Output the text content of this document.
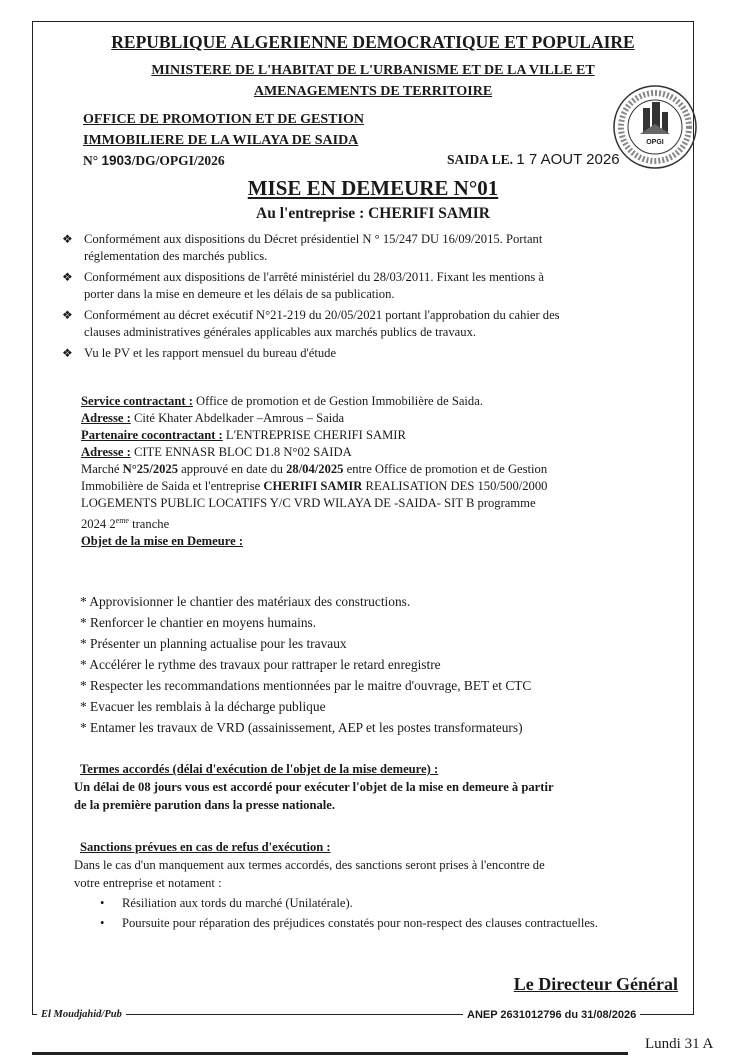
REPUBLIQUE ALGERIENNE DEMOCRATIQUE ET POPULAIRE
MINISTERE DE L'HABITAT DE L'URBANISME ET DE LA VILLE ET
AMENAGEMENTS DE TERRITOIRE
OFFICE DE PROMOTION ET DE GESTION
IMMOBILIERE DE LA WILAYA DE SAIDA
N° 1903/DG/OPGI/2026	SAIDA LE. 1 7 AOUT 2026
OPGI
MISE EN DEMEURE N°01
Au l'entreprise : CHERIFI SAMIR
❖ Conformément aux dispositions du Décret présidentiel N ° 15/247 DU 16/09/2015. Portant
réglementation des marchés publics.
❖ Conformément aux dispositions de l'arrêté ministériel du 28/03/2011. Fixant les mentions à
porter dans la mise en demeure et les délais de sa publication.
❖ Conformément au décret exécutif N°21-219 du 20/05/2021 portant l'approbation du cahier des
clauses administratives générales applicables aux marchés publics de travaux.
❖ Vu le PV et les rapport mensuel du bureau d'étude

Service contractant : Office de promotion et de Gestion Immobilière de Saida.

Adresse : Cité Khater Abdelkader –Amrous – Saida

Partenaire cocontractant : L'ENTREPRISE CHERIFI SAMIR

Adresse : CITE ENNASR BLOC D1.8 N°02 SAIDA

Marché N°25/2025 approuvé en date du 28/04/2025 entre Office de promotion et de Gestion

Immobilière de Saida et l'entreprise CHERIFI SAMIR REALISATION DES 150/500/2000

LOGEMENTS PUBLIC LOCATIFS Y/C VRD WILAYA DE -SAIDA- SIT B programme

2024 2eme tranche

Objet de la mise en Demeure :

* Approvisionner le chantier des matériaux des constructions.
* Renforcer le chantier en moyens humains.
* Présenter un planning actualise pour les travaux
* Accélérer le rythme des travaux pour rattraper le retard enregistre
* Respecter les recommandations mentionnées par le maitre d'ouvrage, BET et CTC
* Evacuer les remblais à la décharge publique
* Entamer les travaux de VRD (assainissement, AEP et les postes transformateurs)
Termes accordés (délai d'exécution de l'objet de la mise demeure) :
Un délai de 08 jours vous est accordé pour exécuter l'objet de la mise en demeure à partir
de la première parution dans la presse nationale.
Sanctions prévues en cas de refus d'exécution :
Dans le cas d'un manquement aux termes accordés, des sanctions seront prises à l'encontre de
votre entreprise et notament :
• Résiliation aux tords du marché (Unilatérale).
• Poursuite pour réparation des préjudices constatés pour non-respect des clauses contractuelles.
Le Directeur Général
El Moudjahid/Pub	ANEP 2631012796 du 31/08/2026
Lundi 31 A
